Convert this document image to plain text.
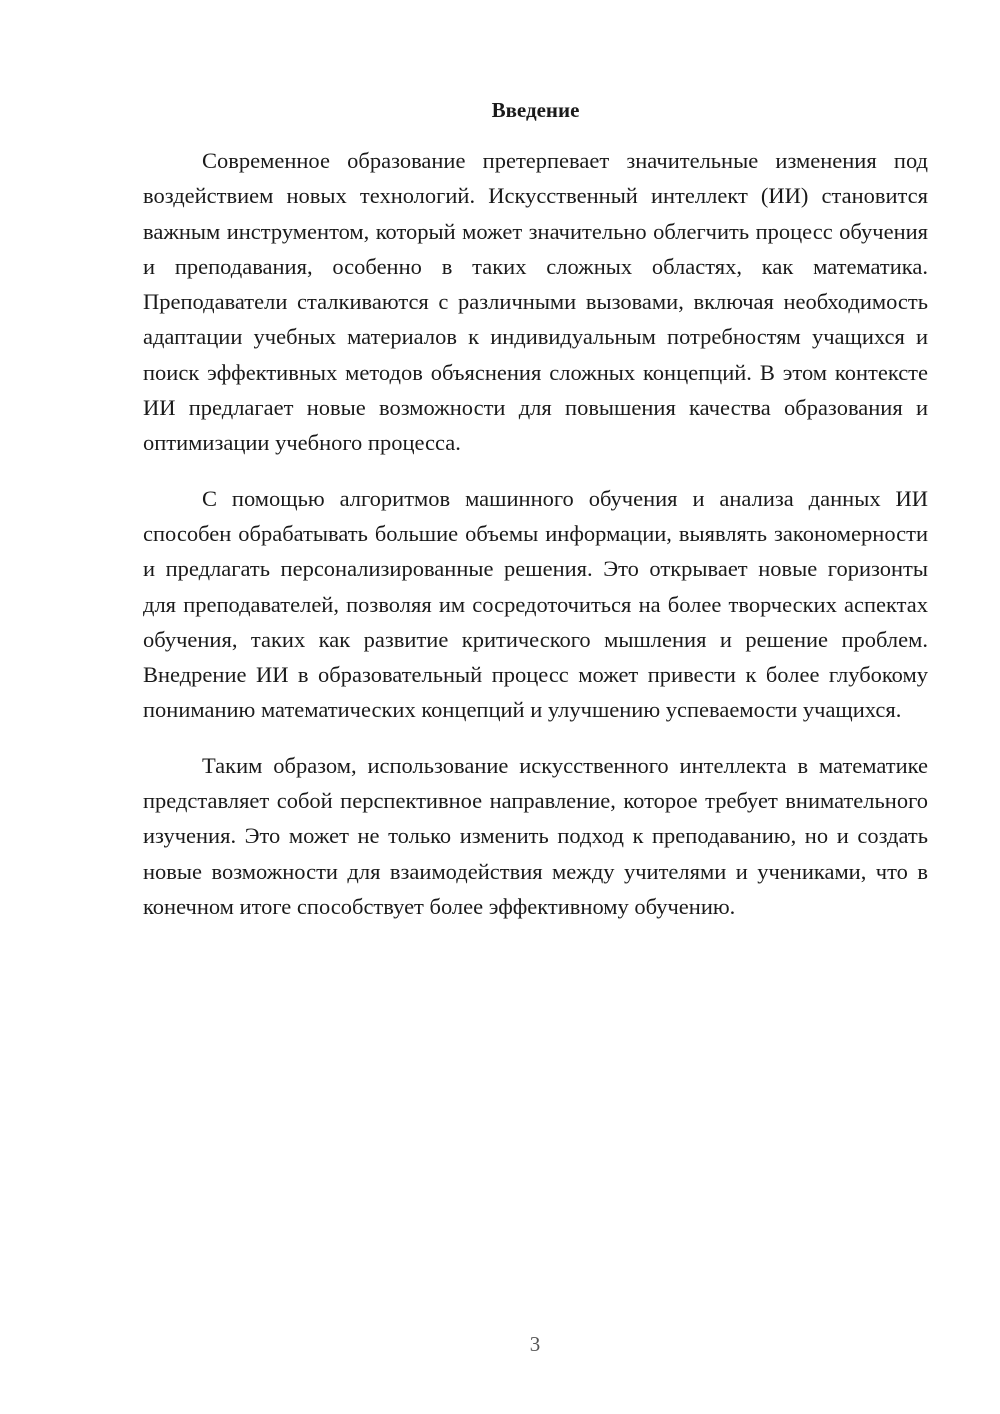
Введение

Современное образование претерпевает значительные изменения под воздействием новых технологий. Искусственный интеллект (ИИ) становится важным инструментом, который может значительно облегчить процесс обучения и преподавания, особенно в таких сложных областях, как математика. Преподаватели сталкиваются с различными вызовами, включая необходимость адаптации учебных материалов к индивидуальным потребностям учащихся и поиск эффективных методов объяснения сложных концепций. В этом контексте ИИ предлагает новые возможности для повышения качества образования и оптимизации учебного процесса.

С помощью алгоритмов машинного обучения и анализа данных ИИ способен обрабатывать большие объемы информации, выявлять закономерности и предлагать персонализированные решения. Это открывает новые горизонты для преподавателей, позволяя им сосредоточиться на более творческих аспектах обучения, таких как развитие критического мышления и решение проблем. Внедрение ИИ в образовательный процесс может привести к более глубокому пониманию математических концепций и улучшению успеваемости учащихся.

Таким образом, использование искусственного интеллекта в математике представляет собой перспективное направление, которое требует внимательного изучения. Это может не только изменить подход к преподаванию, но и создать новые возможности для взаимодействия между учителями и учениками, что в конечном итоге способствует более эффективному обучению.

3
